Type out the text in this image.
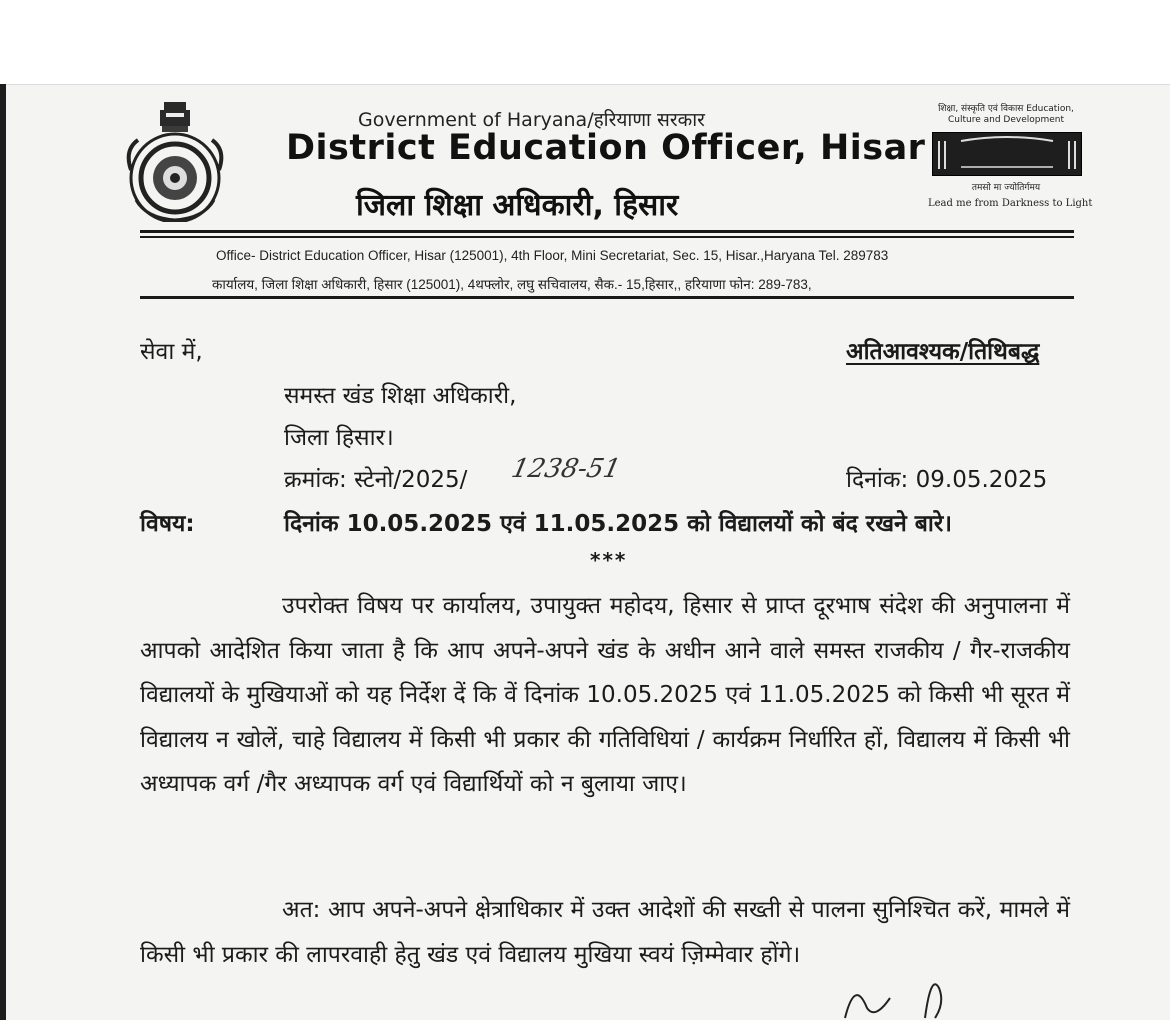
Government of Haryana/हरियाणा सरकार
District Education Officer, Hisar
जिला शिक्षा अधिकारी, हिसार
शिक्षा, संस्कृति एवं विकास Education, Culture and Development
तमसो मा ज्योतिर्गमय
Lead me from Darkness to Light
Office- District Education Officer, Hisar (125001), 4th Floor, Mini Secretariat, Sec. 15, Hisar.,Haryana Tel. 289783
कार्यालय, जिला शिक्षा अधिकारी, हिसार (125001), 4थफ्लोर, लघु सचिवालय, सैक.- 15,हिसार,, हरियाणा फोन: 289-783,
सेवा में,	अतिआवश्यक/तिथिबद्ध
समस्त खंड शिक्षा अधिकारी,
जिला हिसार।
क्रमांक: स्टेनो/2025/ 1238-51	दिनांक: 09.05.2025
विषय:	दिनांक 10.05.2025 एवं 11.05.2025 को विद्यालयों को बंद रखने बारे।
***
उपरोक्त विषय पर कार्यालय, उपायुक्त महोदय, हिसार से प्राप्त दूरभाष संदेश की अनुपालना में आपको आदेशित किया जाता है कि आप अपने-अपने खंड के अधीन आने वाले समस्त राजकीय / गैर-राजकीय विद्यालयों के मुखियाओं को यह निर्देश दें कि वें दिनांक 10.05.2025 एवं 11.05.2025 को किसी भी सूरत में विद्यालय न खोलें, चाहे विद्यालय में किसी भी प्रकार की गतिविधियां / कार्यक्रम निर्धारित हों, विद्यालय में किसी भी अध्यापक वर्ग /गैर अध्यापक वर्ग एवं विद्यार्थियों को न बुलाया जाए।
अत: आप अपने-अपने क्षेत्राधिकार में उक्त आदेशों की सख्ती से पालना सुनिश्चित करें, मामले में किसी भी प्रकार की लापरवाही हेतु खंड एवं विद्यालय मुखिया स्वयं ज़िम्मेवार होंगे।
